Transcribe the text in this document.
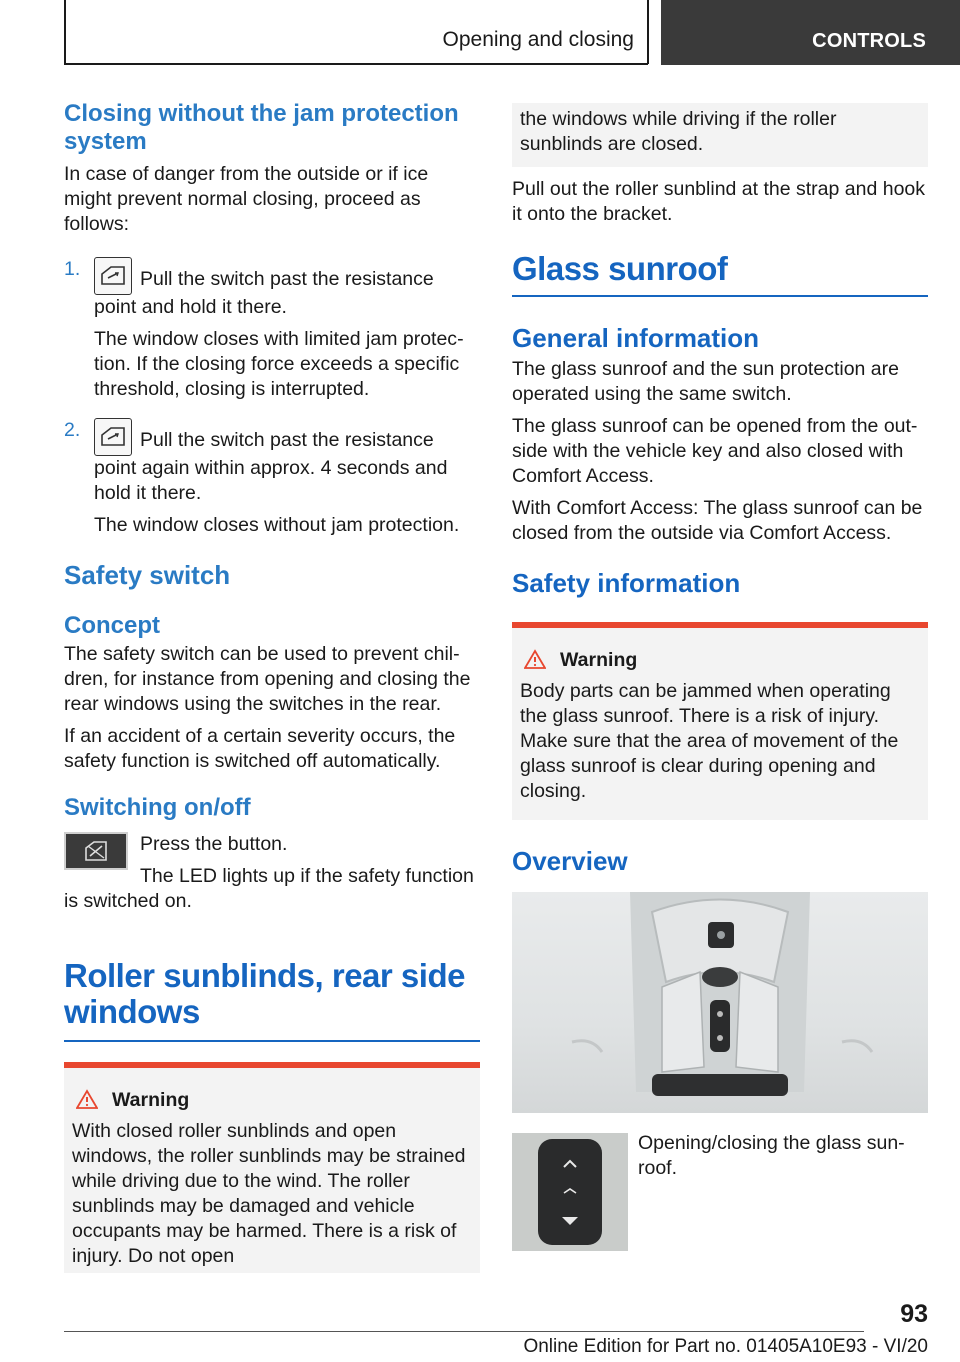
Opening and closing	CONTROLS
Closing without the jam protection system

In case of danger from the outside or if ice might prevent normal closing, proceed as follows:

1.	Pull the switch past the resistance point and hold it there.

The window closes with limited jam protection. If the closing force exceeds a specific threshold, closing is interrupted.

2.	Pull the switch past the resistance point again within approx. 4 seconds and hold it there.

The window closes without jam protection.

Safety switch
Concept

The safety switch can be used to prevent children, for instance from opening and closing the rear windows using the switches in the rear.

If an accident of a certain severity occurs, the safety function is switched off automatically.

Switching on/off

Press the button.

The LED lights up if the safety function is switched on.

Roller sunblinds, rear side windows
Warning

With closed roller sunblinds and open windows, the roller sunblinds may be strained while driving due to the wind. The roller sunblinds may be damaged and vehicle occupants may be harmed. There is a risk of injury. Do not open

the windows while driving if the roller sunblinds are closed.

Pull out the roller sunblind at the strap and hook it onto the bracket.

Glass sunroof
General information

The glass sunroof and the sun protection are operated using the same switch.

The glass sunroof can be opened from the outside with the vehicle key and also closed with Comfort Access.

With Comfort Access: The glass sunroof can be closed from the outside via Comfort Access.

Safety information
Warning

Body parts can be jammed when operating the glass sunroof. There is a risk of injury. Make sure that the area of movement of the glass sunroof is clear during opening and closing.

Overview

Opening/closing the glass sunroof.

93
Online Edition for Part no. 01405A10E93 - VI/20
